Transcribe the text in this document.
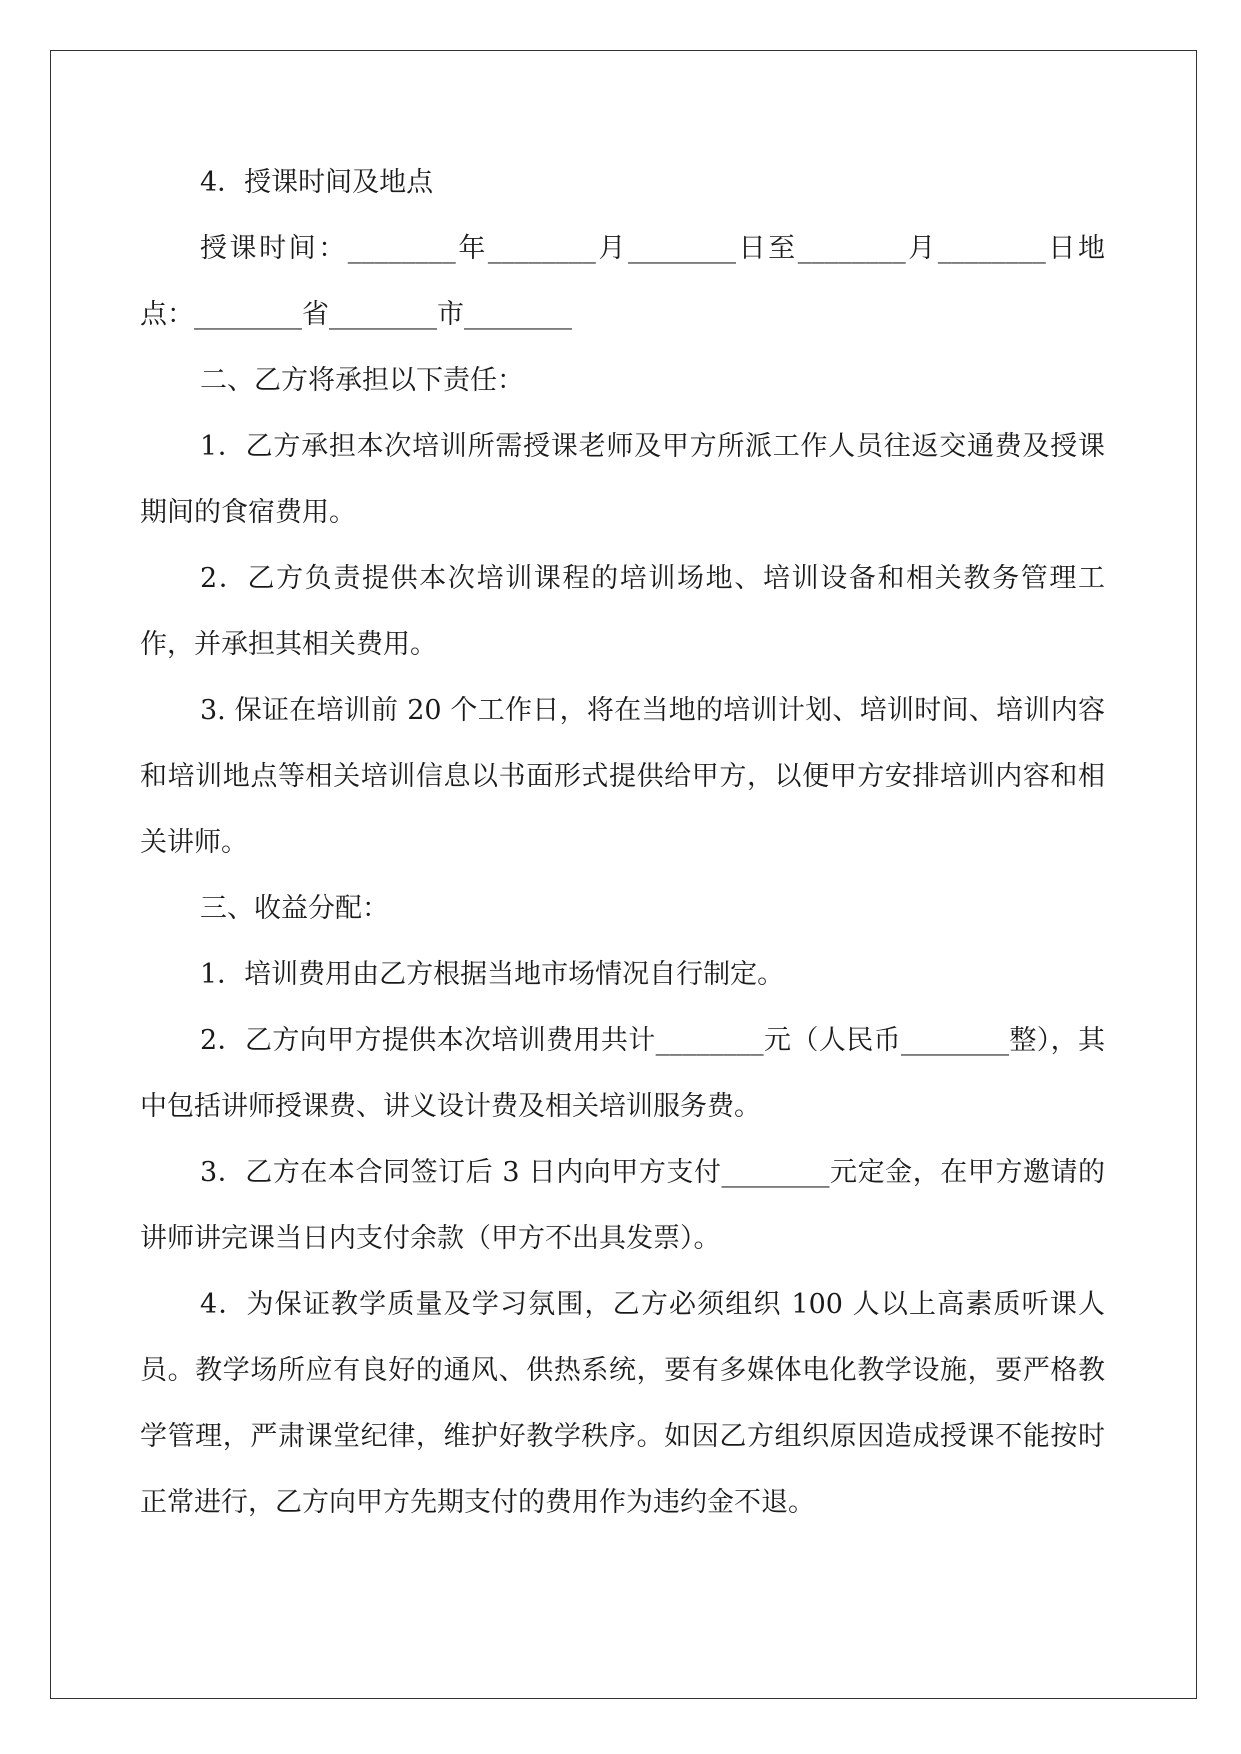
4．授课时间及地点

授课时间：________年________月________日至________月________日地点：________省________市________

二、乙方将承担以下责任：

1．乙方承担本次培训所需授课老师及甲方所派工作人员往返交通费及授课期间的食宿费用。

2．乙方负责提供本次培训课程的培训场地、培训设备和相关教务管理工作，并承担其相关费用。

3. 保证在培训前 20 个工作日，将在当地的培训计划、培训时间、培训内容和培训地点等相关培训信息以书面形式提供给甲方，以便甲方安排培训内容和相关讲师。

三、收益分配：

1．培训费用由乙方根据当地市场情况自行制定。

2．乙方向甲方提供本次培训费用共计________元（人民币________整），其中包括讲师授课费、讲义设计费及相关培训服务费。

3．乙方在本合同签订后 3 日内向甲方支付________元定金，在甲方邀请的讲师讲完课当日内支付余款（甲方不出具发票）。

4．为保证教学质量及学习氛围，乙方必须组织 100 人以上高素质听课人员。教学场所应有良好的通风、供热系统，要有多媒体电化教学设施，要严格教学管理，严肃课堂纪律，维护好教学秩序。如因乙方组织原因造成授课不能按时正常进行，乙方向甲方先期支付的费用作为违约金不退。
